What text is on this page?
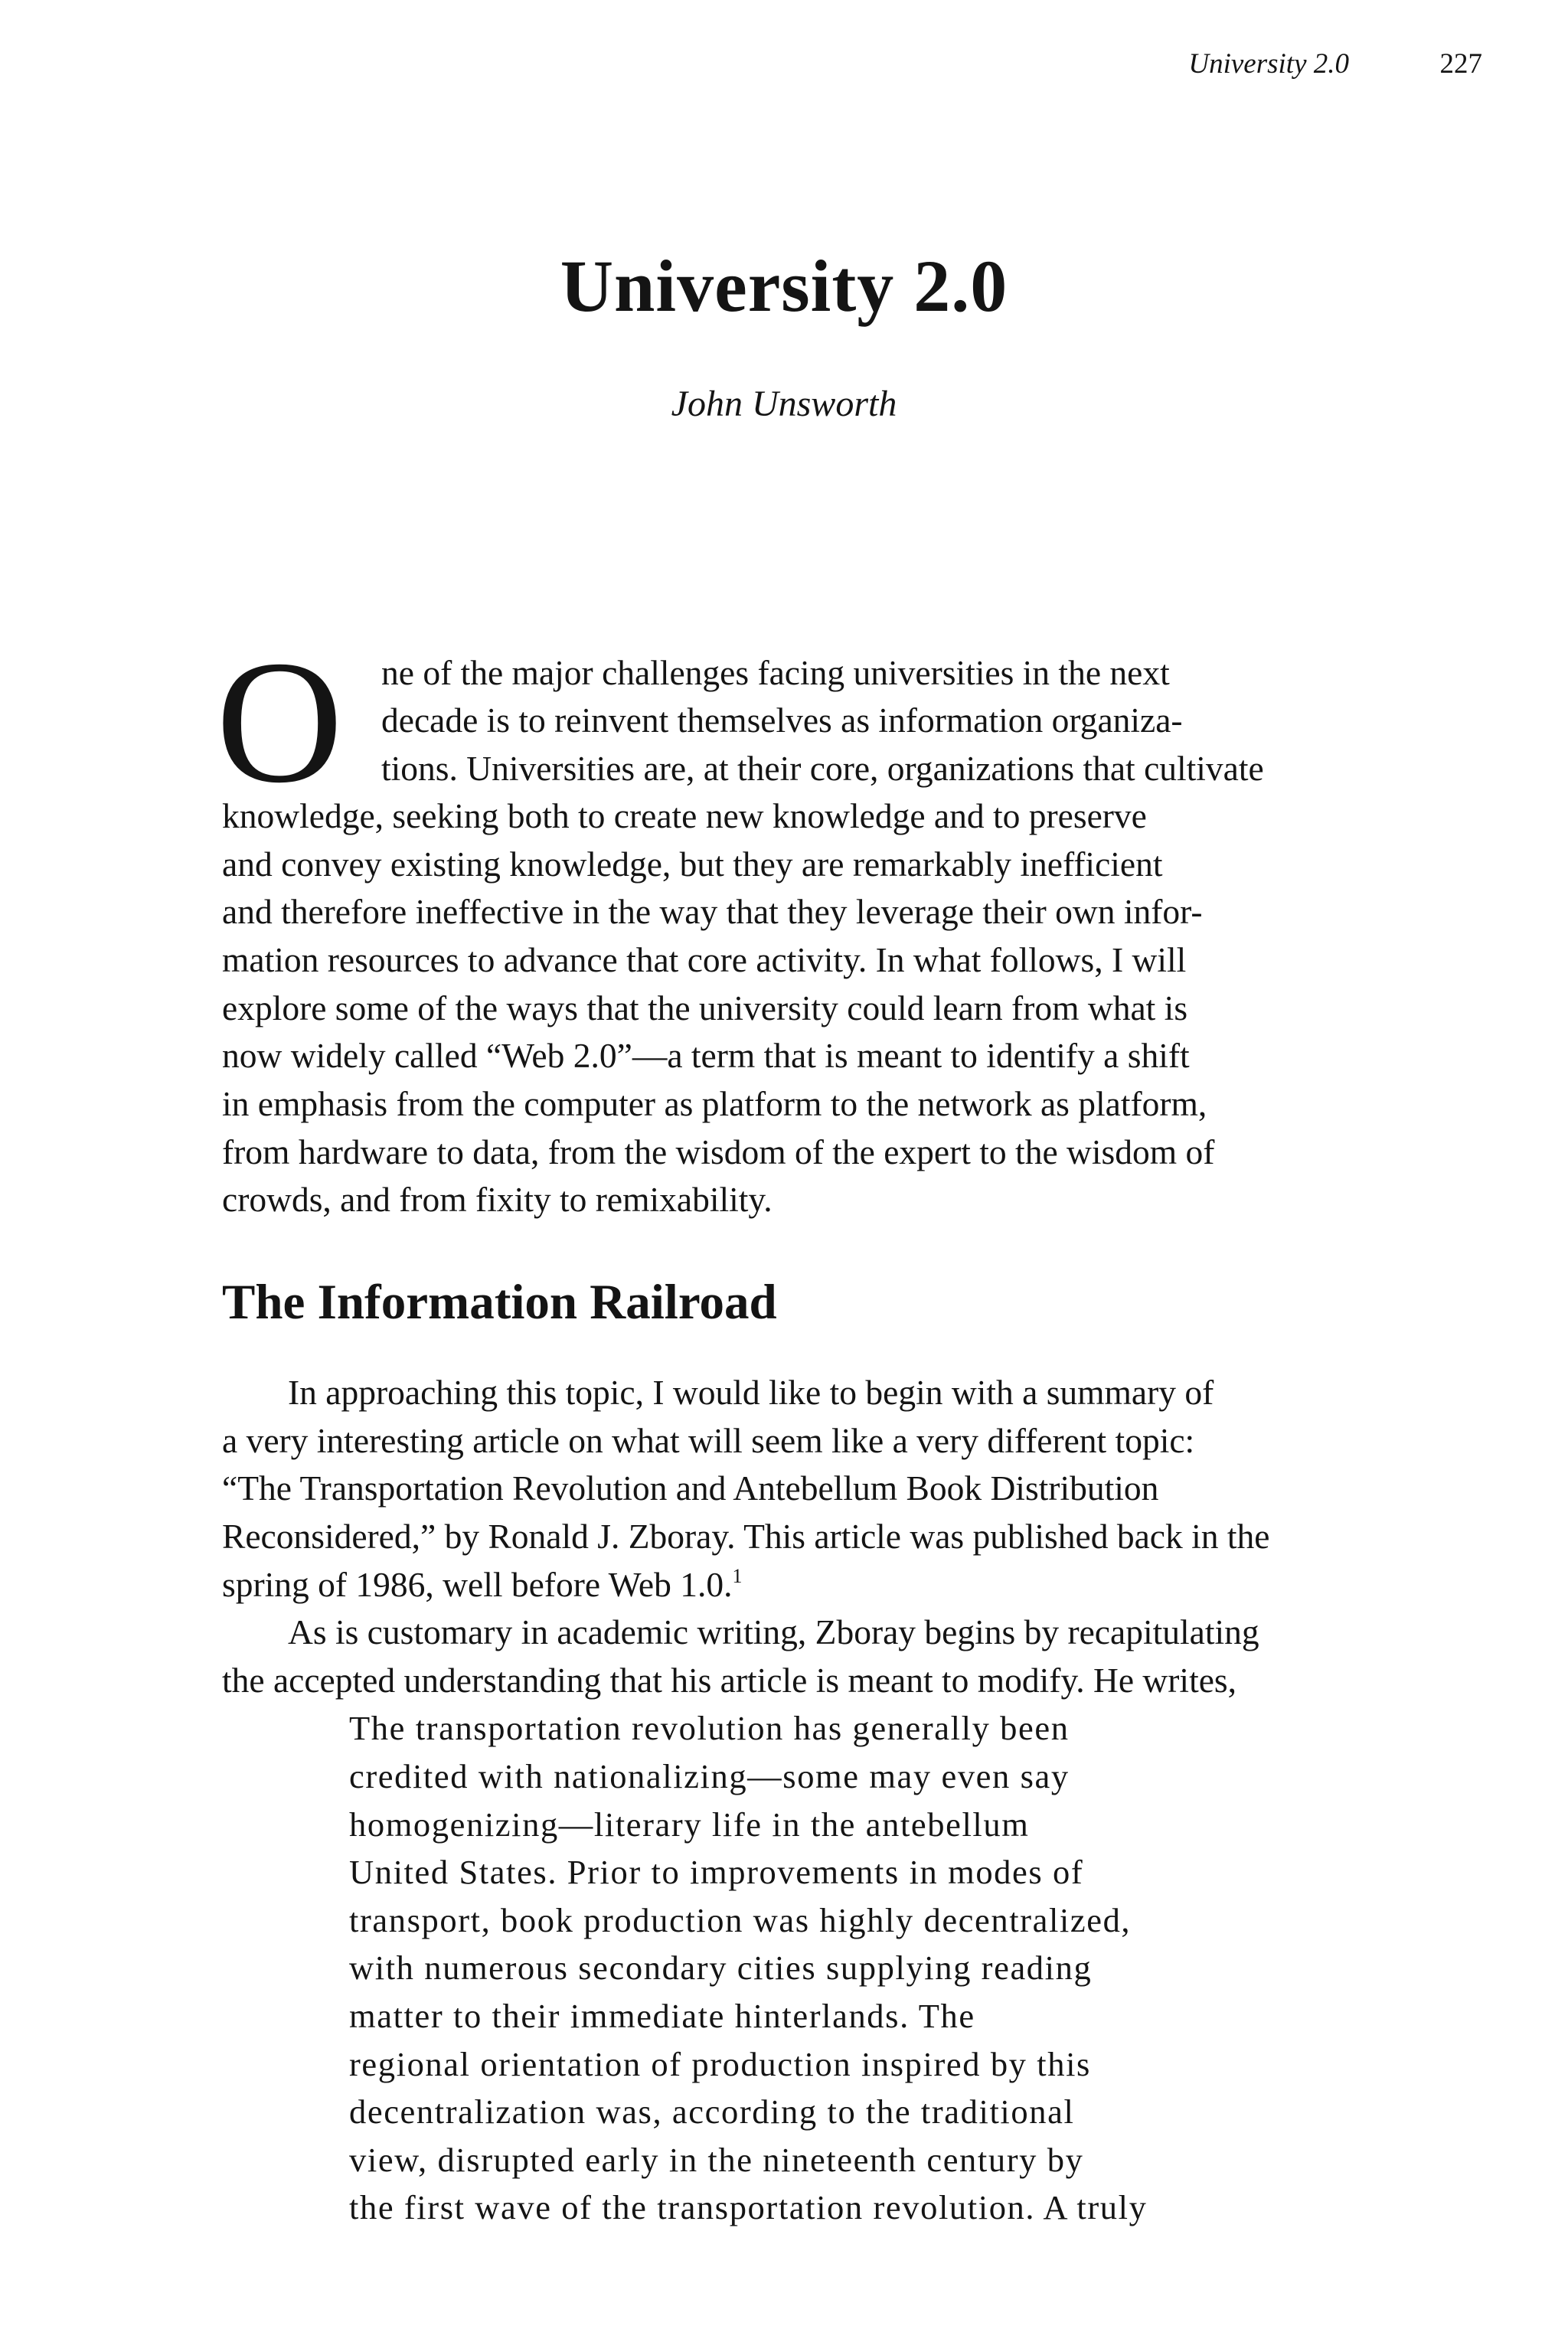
University 2.0	227
University 2.0
John Unsworth
O ne of the major challenges facing universities in the next
decade is to reinvent themselves as information organiza-
tions. Universities are, at their core, organizations that cultivate
knowledge, seeking both to create new knowledge and to preserve
and convey existing knowledge, but they are remarkably inefficient
and therefore ineffective in the way that they leverage their own infor-
mation resources to advance that core activity. In what follows, I will
explore some of the ways that the university could learn from what is
now widely called “Web 2.0”—a term that is meant to identify a shift
in emphasis from the computer as platform to the network as platform,
from hardware to data, from the wisdom of the expert to the wisdom of
crowds, and from fixity to remixability.
The Information Railroad
In approaching this topic, I would like to begin with a summary of
a very interesting article on what will seem like a very different topic:
“The Transportation Revolution and Antebellum Book Distribution
Reconsidered,” by Ronald J. Zboray. This article was published back in the
spring of 1986, well before Web 1.0.$^1$
As is customary in academic writing, Zboray begins by recapitulating
the accepted understanding that his article is meant to modify. He writes,
The transportation revolution has generally been
credited with nationalizing—some may even say
homogenizing—literary life in the antebellum
United States. Prior to improvements in modes of
transport, book production was highly decentralized,
with numerous secondary cities supplying reading
matter to their immediate hinterlands. The
regional orientation of production inspired by this
decentralization was, according to the traditional
view, disrupted early in the nineteenth century by
the first wave of the transportation revolution. A truly
